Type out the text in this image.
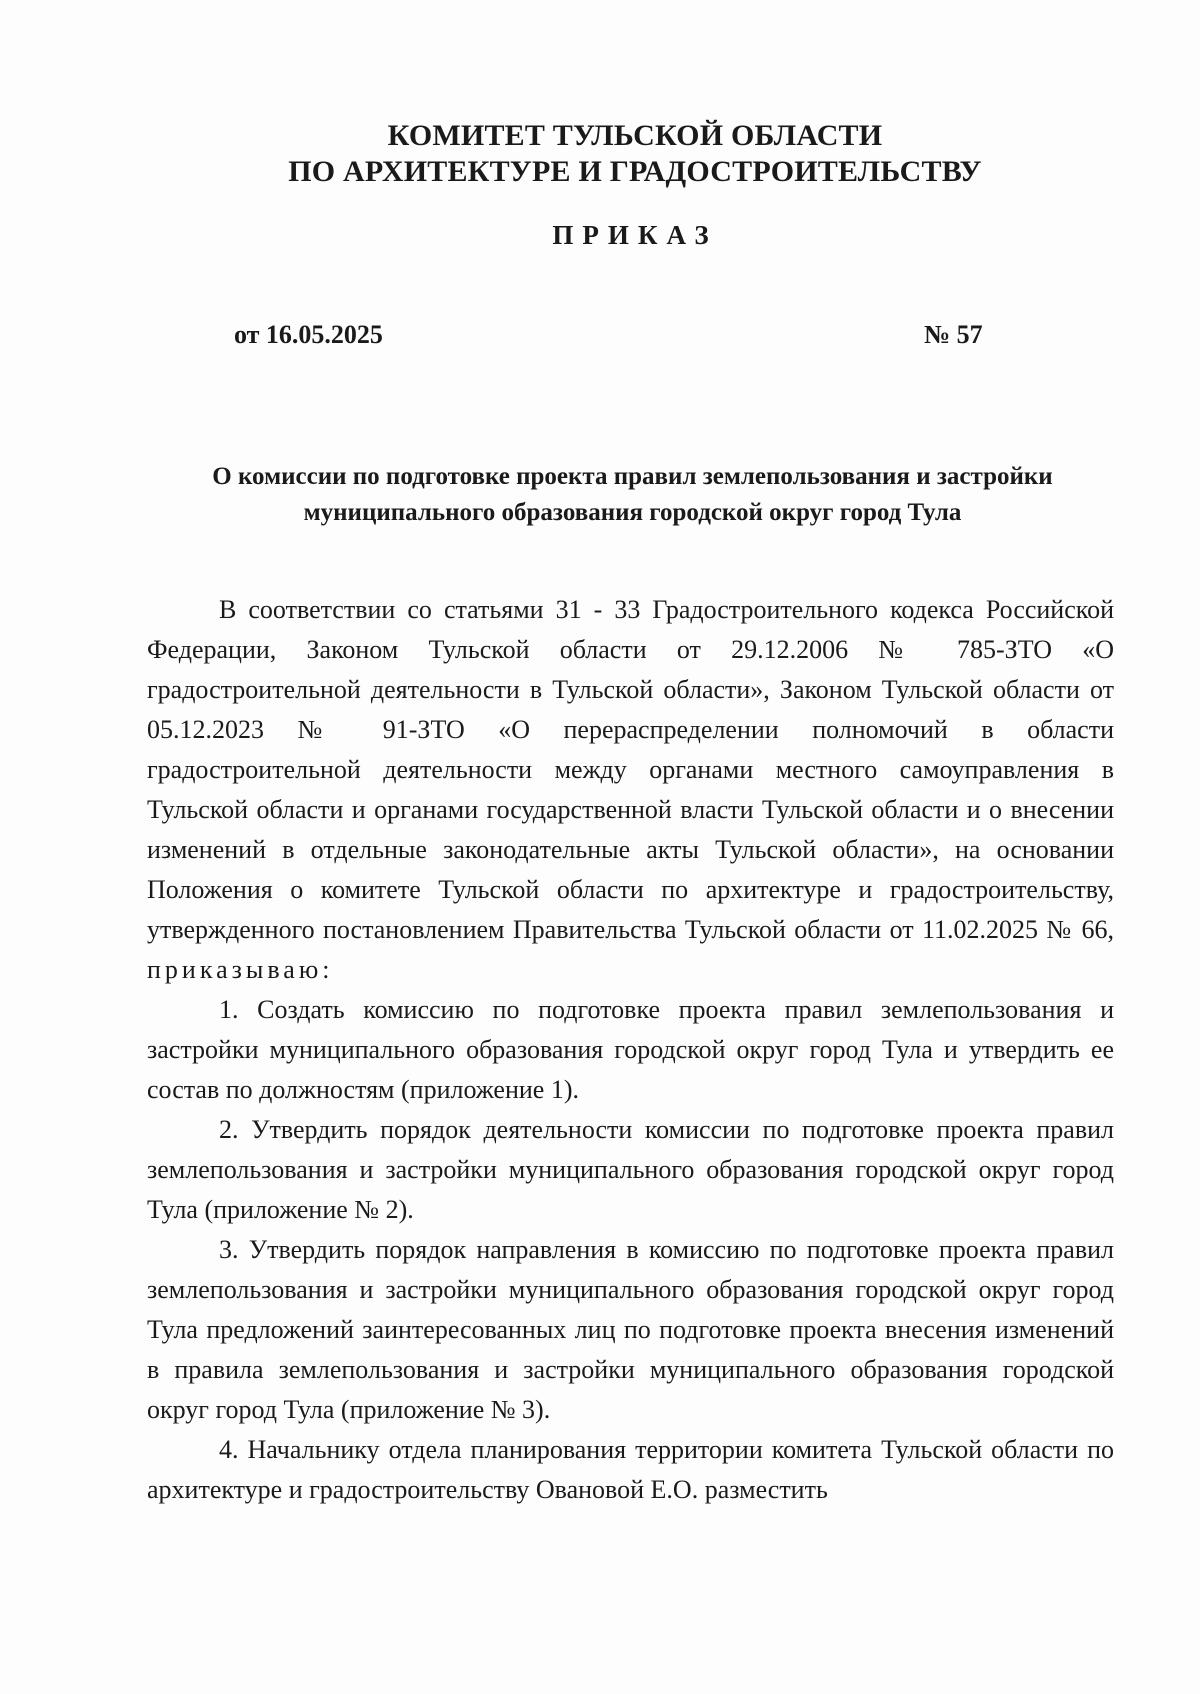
КОМИТЕТ ТУЛЬСКОЙ ОБЛАСТИ
ПО АРХИТЕКТУРЕ И ГРАДОСТРОИТЕЛЬСТВУ
ПРИКАЗ
от 16.05.2025	№ 57
О комиссии по подготовке проекта правил землепользования и застройки
муниципального образования городской округ город Тула

В соответствии со статьями 31 - 33 Градостроительного кодекса Российской Федерации, Законом Тульской области от 29.12.2006 № 785-ЗТО «О градостроительной деятельности в Тульской области», Законом Тульской области от 05.12.2023 № 91-ЗТО «О перераспределении полномочий в области градостроительной деятельности между органами местного самоуправления в Тульской области и органами государственной власти Тульской области и о внесении изменений в отдельные законодательные акты Тульской области», на основании Положения о комитете Тульской области по архитектуре и градостроительству, утвержденного постановлением Правительства Тульской области от 11.02.2025 № 66, приказываю:

1. Создать комиссию по подготовке проекта правил землепользования и застройки муниципального образования городской округ город Тула и утвердить ее состав по должностям (приложение 1).

2. Утвердить порядок деятельности комиссии по подготовке проекта правил землепользования и застройки муниципального образования городской округ город Тула (приложение № 2).

3. Утвердить порядок направления в комиссию по подготовке проекта правил землепользования и застройки муниципального образования городской округ город Тула предложений заинтересованных лиц по подготовке проекта внесения изменений в правила землепользования и застройки муниципального образования городской округ город Тула (приложение № 3).

4. Начальнику отдела планирования территории комитета Тульской области по архитектуре и градостроительству Овановой Е.О. разместить
